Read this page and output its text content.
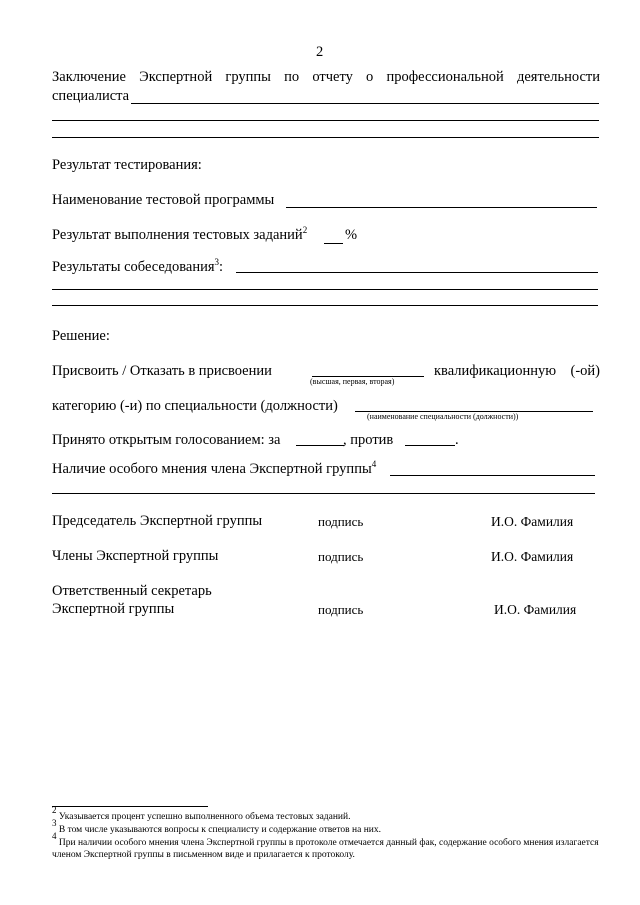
2
Заключение Экспертной группы по отчету о профессиональной деятельности
специалиста
Результат тестирования:
Наименование тестовой программы
Результат выполнения тестовых заданий$^2$	%
Результаты собеседования$^3$:
Решение:
Присвоить / Отказать в присвоении
(высшая, первая, вторая)
квалификационную (-ой)
категорию (-и) по специальности (должности)
(наименование специальности (должности))
Принято открытым голосованием: за	, против	.
Наличие особого мнения члена Экспертной группы$^4$
Председатель Экспертной группы	подпись	И.О. Фамилия
Члены Экспертной группы	подпись	И.О. Фамилия
Ответственный секретарь
Экспертной группы	подпись	И.О. Фамилия
$^2$ Указывается процент успешно выполненного объема тестовых заданий.
$^3$ В том числе указываются вопросы к специалисту и содержание ответов на них.
$^4$ При наличии особого мнения члена Экспертной группы в протоколе отмечается данный фак, содержание особого мнения излагается членом Экспертной группы в письменном виде и прилагается к протоколу.
